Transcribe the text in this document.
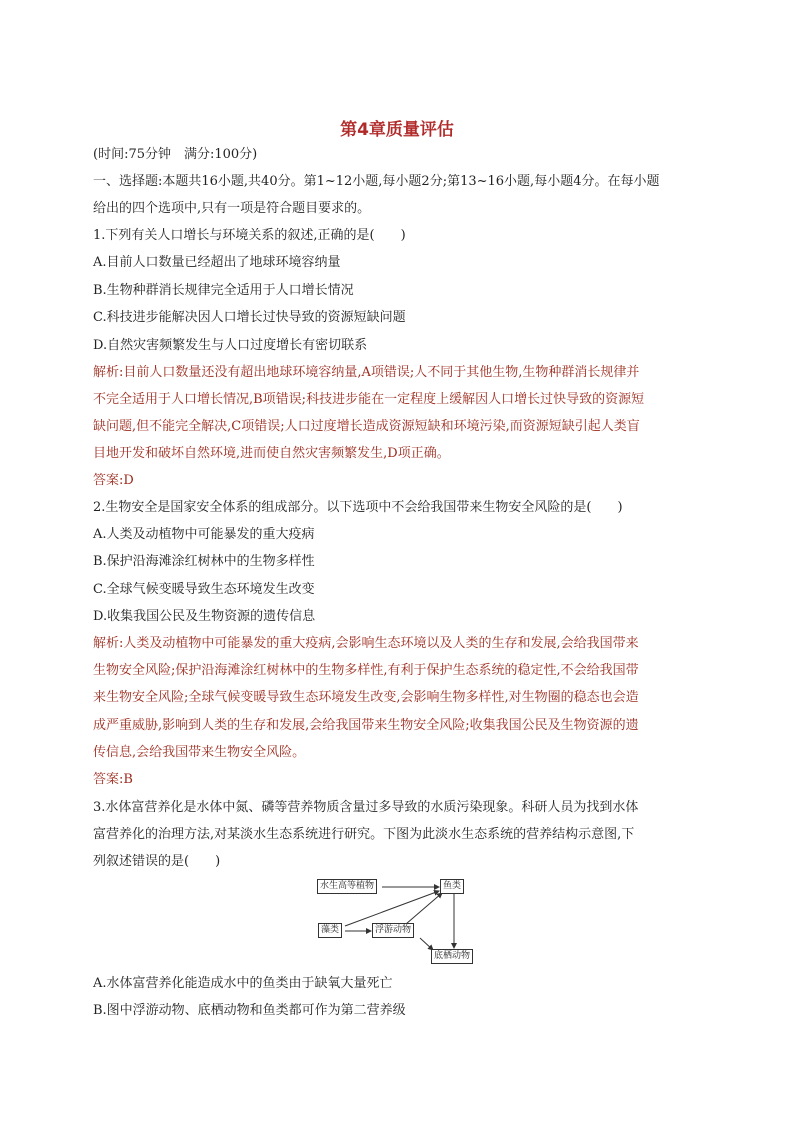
第4章质量评估
(时间:75分钟　满分:100分)
一、选择题:本题共16小题,共40分。第1~12小题,每小题2分;第13~16小题,每小题4分。在每小题
给出的四个选项中,只有一项是符合题目要求的。
1.下列有关人口增长与环境关系的叙述,正确的是(　　)
A.目前人口数量已经超出了地球环境容纳量
B.生物种群消长规律完全适用于人口增长情况
C.科技进步能解决因人口增长过快导致的资源短缺问题
D.自然灾害频繁发生与人口过度增长有密切联系
解析:目前人口数量还没有超出地球环境容纳量,A项错误;人不同于其他生物,生物种群消长规律并
不完全适用于人口增长情况,B项错误;科技进步能在一定程度上缓解因人口增长过快导致的资源短
缺问题,但不能完全解决,C项错误;人口过度增长造成资源短缺和环境污染,而资源短缺引起人类盲
目地开发和破坏自然环境,进而使自然灾害频繁发生,D项正确。
答案:D
2.生物安全是国家安全体系的组成部分。以下选项中不会给我国带来生物安全风险的是(　　)
A.人类及动植物中可能暴发的重大疫病
B.保护沿海滩涂红树林中的生物多样性
C.全球气候变暖导致生态环境发生改变
D.收集我国公民及生物资源的遗传信息
解析:人类及动植物中可能暴发的重大疫病,会影响生态环境以及人类的生存和发展,会给我国带来
生物安全风险;保护沿海滩涂红树林中的生物多样性,有利于保护生态系统的稳定性,不会给我国带
来生物安全风险;全球气候变暖导致生态环境发生改变,会影响生物多样性,对生物圈的稳态也会造
成严重威胁,影响到人类的生存和发展,会给我国带来生物安全风险;收集我国公民及生物资源的遗
传信息,会给我国带来生物安全风险。
答案:B
3.水体富营养化是水体中氮、磷等营养物质含量过多导致的水质污染现象。科研人员为找到水体
富营养化的治理方法,对某淡水生态系统进行研究。下图为此淡水生态系统的营养结构示意图,下
列叙述错误的是(　　)
水生高等植物	鱼类
藻类	浮游动物
底栖动物
A.水体富营养化能造成水中的鱼类由于缺氧大量死亡
B.图中浮游动物、底栖动物和鱼类都可作为第二营养级
